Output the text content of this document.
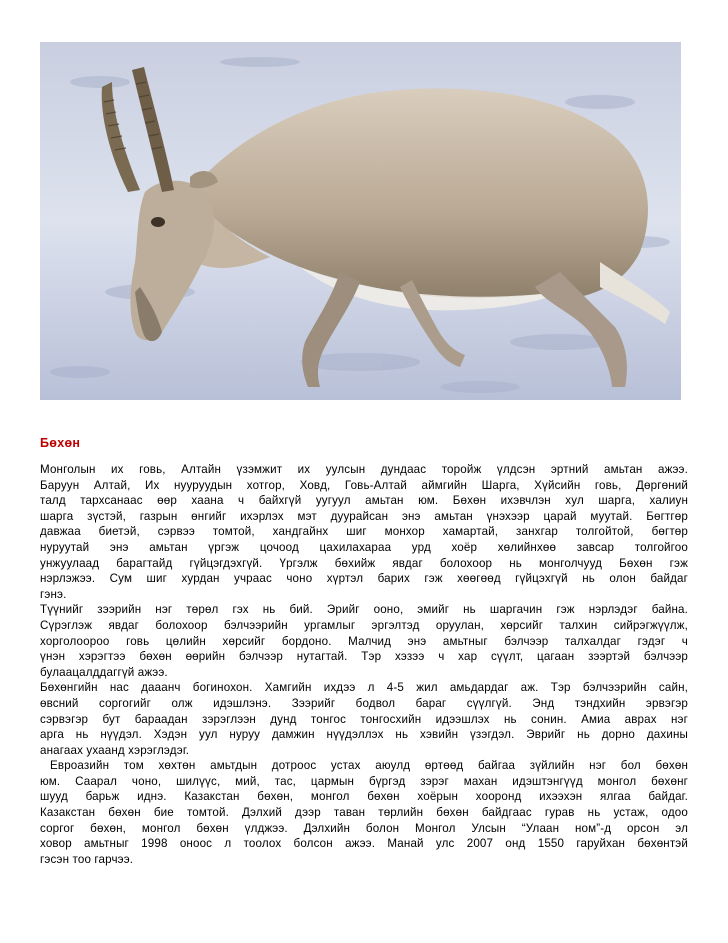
Бөхөн

Монголын их говь, Алтайн үзэмжит их уулсын дундаас торойж үлдсэн эртний амьтан ажээ.

Баруун Алтай, Их нууруудын хотгор, Ховд, Говь-Алтай аймгийн Шарга, Хүйсийн говь, Дөргөний

талд тархсанаас өөр хаана ч байхгүй уугуул амьтан юм. Бөхөн ихэвчлэн хул шарга, халиун

шарга зүстэй, газрын өнгийг ихэрлэх мэт дуурайсан энэ амьтан үнэхээр царай муутай. Бөгтгөр

давжаа биетэй, сэрвээ томтой, хандгайнх шиг монхор хамартай, занхгар толгойтой, бөгтөр

нуруутай энэ амьтан үргэж цочоод цахилахараа урд хоёр хөлийнхөө завсар толгойгоо

унжуулаад барагтайд гүйцэгдэхгүй. Үргэлж бөхийж явдаг болохоор нь монголчууд Бөхөн гэж

нэрлэжээ. Сум шиг хурдан учраас чоно хүртэл барих гэж хөөгөөд гүйцэхгүй нь олон байдаг

гэнэ.

Түүнийг зээрийн нэг төрөл гэх нь бий. Эрийг ооно, эмийг нь шаргачин гэж нэрлэдэг байна.

Сүрэглэж явдаг болохоор бэлчээрийн ургамлыг эргэлтэд оруулан, хөрсийг талхин сийрэгжүүлж,

хорголоороо говь цөлийн хөрсийг бордоно. Малчид энэ амьтныг бэлчээр талхалдаг гэдэг ч

үнэн хэрэгтээ бөхөн өөрийн бэлчээр нутагтай. Тэр хэзээ ч хар сүүлт, цагаан зээртэй бэлчээр

булаацалддаггүй ажээ.

Бөхөнгийн нас дааанч богинохон. Хамгийн ихдээ л 4-5 жил амьдардаг аж. Тэр бэлчээрийн сайн,

өвсний соргогийг олж идэшлэнэ. Зээрийг бодвол бараг сүүлгүй. Энд тэндхийн эрвэгэр

сэрвэгэр бут бараадан зэрэглээн дунд тонгос тонгосхийн идээшлэх нь сонин. Амиа аврах нэг

арга нь нүүдэл. Хэдэн уул нуруу дамжин нүүдэллэх нь хэвийн үзэгдэл. Эврийг нь дорно дахины

анагаах ухаанд хэрэглэдэг.

Евроазийн том хөхтөн амьтдын дотроос устах аюулд өртөөд байгаа зүйлийн нэг бол бөхөн

юм. Саарал чоно, шилүүс, мий, тас, цармын бүргэд зэрэг махан идэштэнгүүд монгол бөхөнг

шууд барьж иднэ. Казакстан бөхөн, монгол бөхөн хоёрын хооронд ихээхэн ялгаа байдаг.

Казакстан бөхөн бие томтой. Дэлхий дээр таван төрлийн бөхөн байдгаас гурав нь устаж, одоо

соргог бөхөн, монгол бөхөн үлджээ. Дэлхийн болон Монгол Улсын “Улаан ном”-д орсон эл

ховор амьтныг 1998 оноос л тоолох болсон ажээ. Манай улс 2007 онд 1550 гаруйхан бөхөнтэй

гэсэн тоо гарчээ.
